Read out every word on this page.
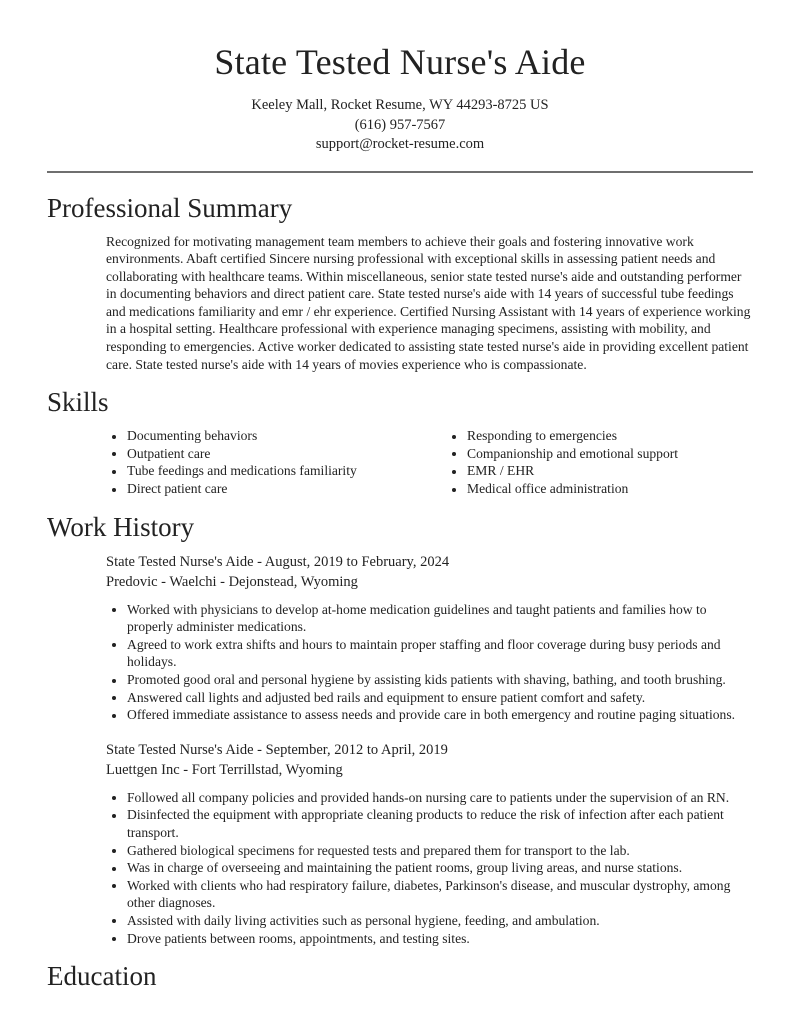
State Tested Nurse's Aide
Keeley Mall, Rocket Resume, WY 44293-8725 US
(616) 957-7567
support@rocket-resume.com
Professional Summary

Recognized for motivating management team members to achieve their goals and fostering innovative work environments. Abaft certified Sincere nursing professional with exceptional skills in assessing patient needs and collaborating with healthcare teams. Within miscellaneous, senior state tested nurse's aide and outstanding performer in documenting behaviors and direct patient care. State tested nurse's aide with 14 years of successful tube feedings and medications familiarity and emr / ehr experience. Certified Nursing Assistant with 14 years of experience working in a hospital setting. Healthcare professional with experience managing specimens, assisting with mobility, and responding to emergencies. Active worker dedicated to assisting state tested nurse's aide in providing excellent patient care. State tested nurse's aide with 14 years of movies experience who is compassionate.

Skills
Documenting behaviors
Outpatient care
Tube feedings and medications familiarity
Direct patient care
Responding to emergencies
Companionship and emotional support
EMR / EHR
Medical office administration
Work History
State Tested Nurse's Aide - August, 2019 to February, 2024
Predovic - Waelchi - Dejonstead, Wyoming
Worked with physicians to develop at-home medication guidelines and taught patients and families how to properly administer medications.
Agreed to work extra shifts and hours to maintain proper staffing and floor coverage during busy periods and holidays.
Promoted good oral and personal hygiene by assisting kids patients with shaving, bathing, and tooth brushing.
Answered call lights and adjusted bed rails and equipment to ensure patient comfort and safety.
Offered immediate assistance to assess needs and provide care in both emergency and routine paging situations.
State Tested Nurse's Aide - September, 2012 to April, 2019
Luettgen Inc - Fort Terrillstad, Wyoming
Followed all company policies and provided hands-on nursing care to patients under the supervision of an RN.
Disinfected the equipment with appropriate cleaning products to reduce the risk of infection after each patient transport.
Gathered biological specimens for requested tests and prepared them for transport to the lab.
Was in charge of overseeing and maintaining the patient rooms, group living areas, and nurse stations.
Worked with clients who had respiratory failure, diabetes, Parkinson's disease, and muscular dystrophy, among other diagnoses.
Assisted with daily living activities such as personal hygiene, feeding, and ambulation.
Drove patients between rooms, appointments, and testing sites.
Education
